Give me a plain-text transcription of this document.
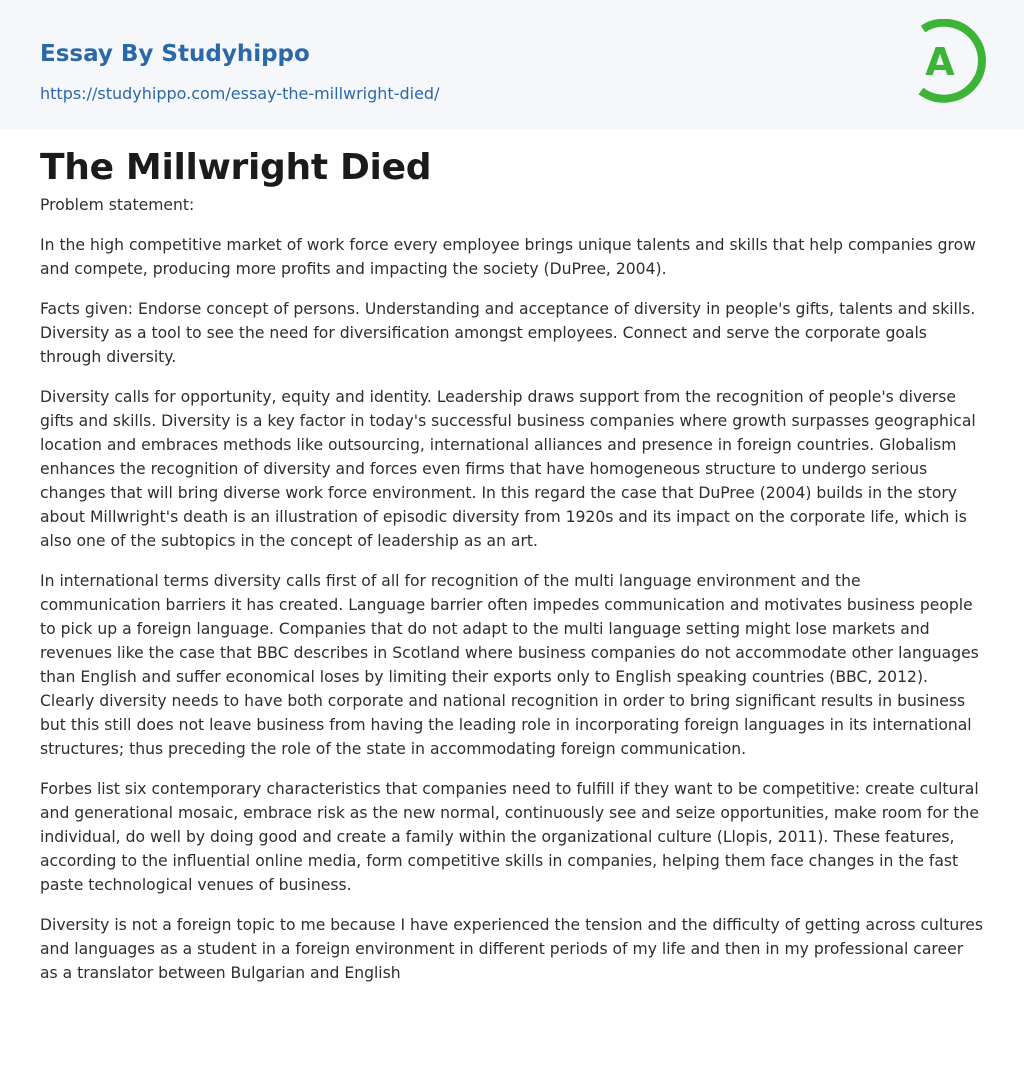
Essay By Studyhippo
https://studyhippo.com/essay-the-millwright-died/
A
The Millwright Died

Problem statement:

In the high competitive market of work force every employee brings unique talents and skills that help companies grow and compete, producing more profits and impacting the society (DuPree, 2004).

Facts given: Endorse concept of persons. Understanding and acceptance of diversity in people's gifts, talents and skills. Diversity as a tool to see the need for diversification amongst employees. Connect and serve the corporate goals through diversity.

Diversity calls for opportunity, equity and identity. Leadership draws support from the recognition of people's diverse gifts and skills. Diversity is a key factor in today's successful business companies where growth surpasses geographical location and embraces methods like outsourcing, international alliances and presence in foreign countries. Globalism enhances the recognition of diversity and forces even firms that have homogeneous structure to undergo serious changes that will bring diverse work force environment. In this regard the case that DuPree (2004) builds in the story about Millwright's death is an illustration of episodic diversity from 1920s and its impact on the corporate life, which is also one of the subtopics in the concept of leadership as an art.

In international terms diversity calls first of all for recognition of the multi language environment and the communication barriers it has created. Language barrier often impedes communication and motivates business people to pick up a foreign language. Companies that do not adapt to the multi language setting might lose markets and revenues like the case that BBC describes in Scotland where business companies do not accommodate other languages than English and suffer economical loses by limiting their exports only to English speaking countries (BBC, 2012). Clearly diversity needs to have both corporate and national recognition in order to bring significant results in business but this still does not leave business from having the leading role in incorporating foreign languages in its international structures; thus preceding the role of the state in accommodating foreign communication.

Forbes list six contemporary characteristics that companies need to fulfill if they want to be competitive: create cultural and generational mosaic, embrace risk as the new normal, continuously see and seize opportunities, make room for the individual, do well by doing good and create a family within the organizational culture (Llopis, 2011). These features, according to the influential online media, form competitive skills in companies, helping them face changes in the fast paste technological venues of business.

Diversity is not a foreign topic to me because I have experienced the tension and the difficulty of getting across cultures and languages as a student in a foreign environment in different periods of my life and then in my professional career as a translator between Bulgarian and English
